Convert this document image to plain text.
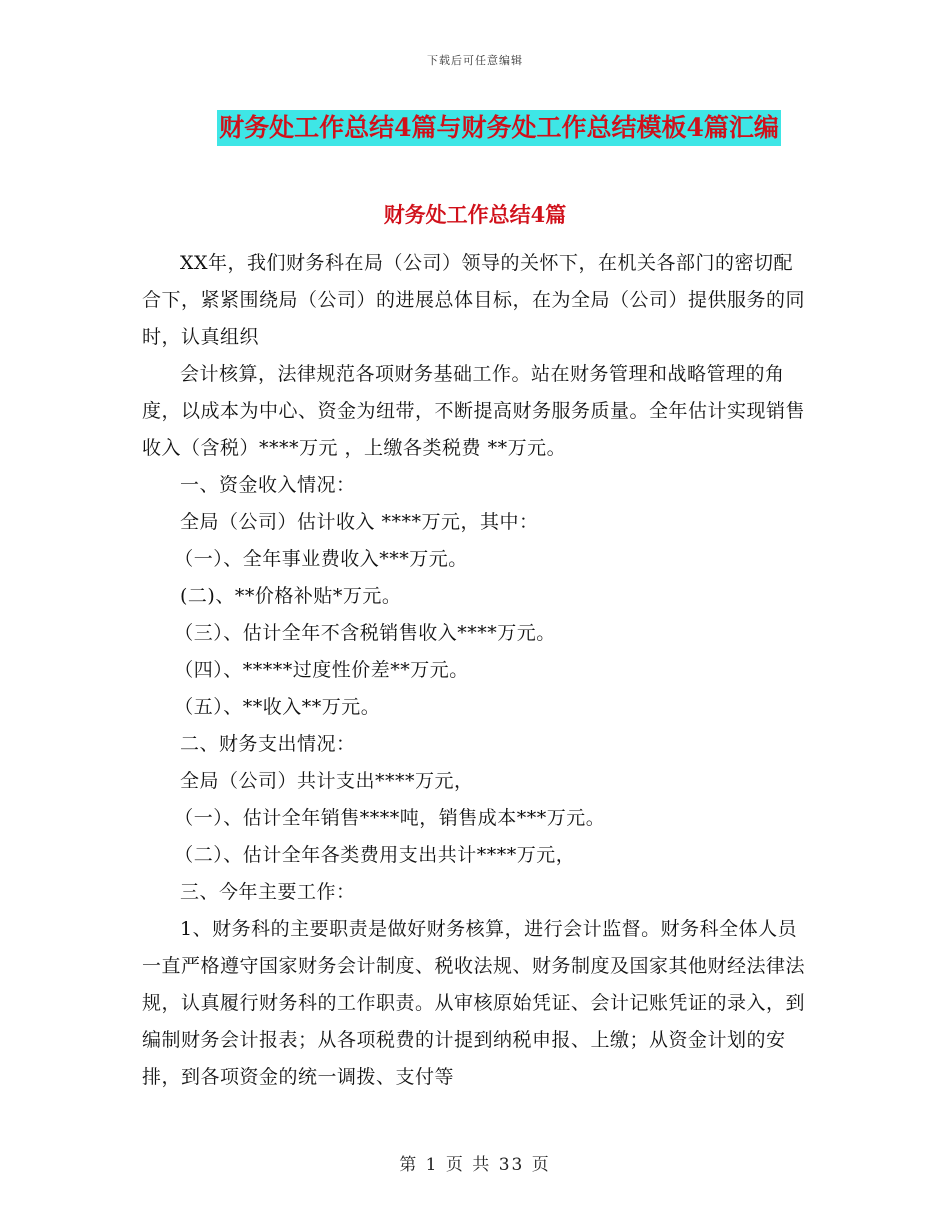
下载后可任意编辑
财务处工作总结4篇与财务处工作总结模板4篇汇编
财务处工作总结4篇

XX年，我们财务科在局（公司）领导的关怀下，在机关各部门的密切配合下，紧紧围绕局（公司）的进展总体目标，在为全局（公司）提供服务的同时，认真组织

会计核算，法律规范各项财务基础工作。站在财务管理和战略管理的角度，以成本为中心、资金为纽带，不断提高财务服务质量。全年估计实现销售收入（含税）****万元 ，上缴各类税费 **万元。

一、资金收入情况：

全局（公司）估计收入 ****万元，其中：

（一）、全年事业费收入***万元。

(二)、**价格补贴*万元。

（三）、估计全年不含税销售收入****万元。

（四）、*****过度性价差**万元。

（五）、**收入**万元。

二、财务支出情况：

全局（公司）共计支出****万元，

（一）、估计全年销售****吨，销售成本***万元。

（二）、估计全年各类费用支出共计****万元，

三、今年主要工作：

1、财务科的主要职责是做好财务核算，进行会计监督。财务科全体人员一直严格遵守国家财务会计制度、税收法规、财务制度及国家其他财经法律法规，认真履行财务科的工作职责。从审核原始凭证、会计记账凭证的录入，到编制财务会计报表；从各项税费的计提到纳税申报、上缴；从资金计划的安排，到各项资金的统一调拨、支付等

第 1 页 共 33 页
